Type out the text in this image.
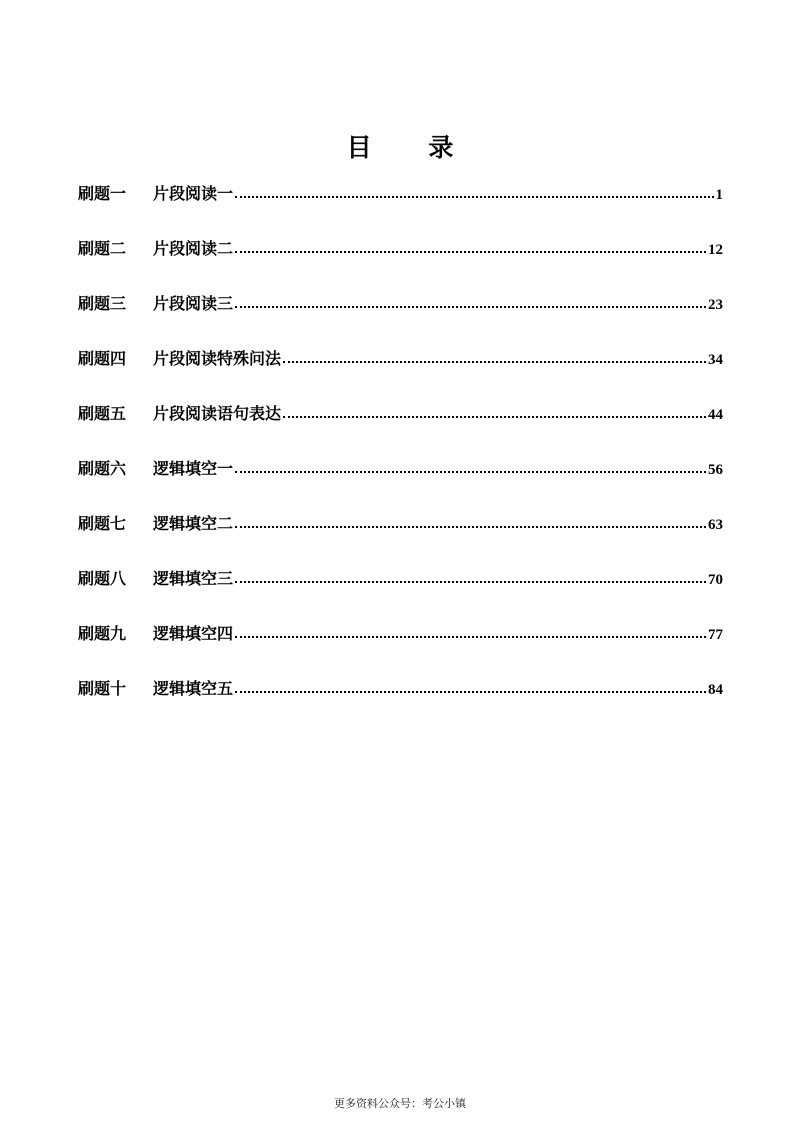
目 录
刷题一	片段阅读一	1
刷题二	片段阅读二	12
刷题三	片段阅读三	23
刷题四	片段阅读特殊问法	34
刷题五	片段阅读语句表达	44
刷题六	逻辑填空一	56
刷题七	逻辑填空二	63
刷题八	逻辑填空三	70
刷题九	逻辑填空四	77
刷题十	逻辑填空五	84
更多资料公众号：考公小镇
